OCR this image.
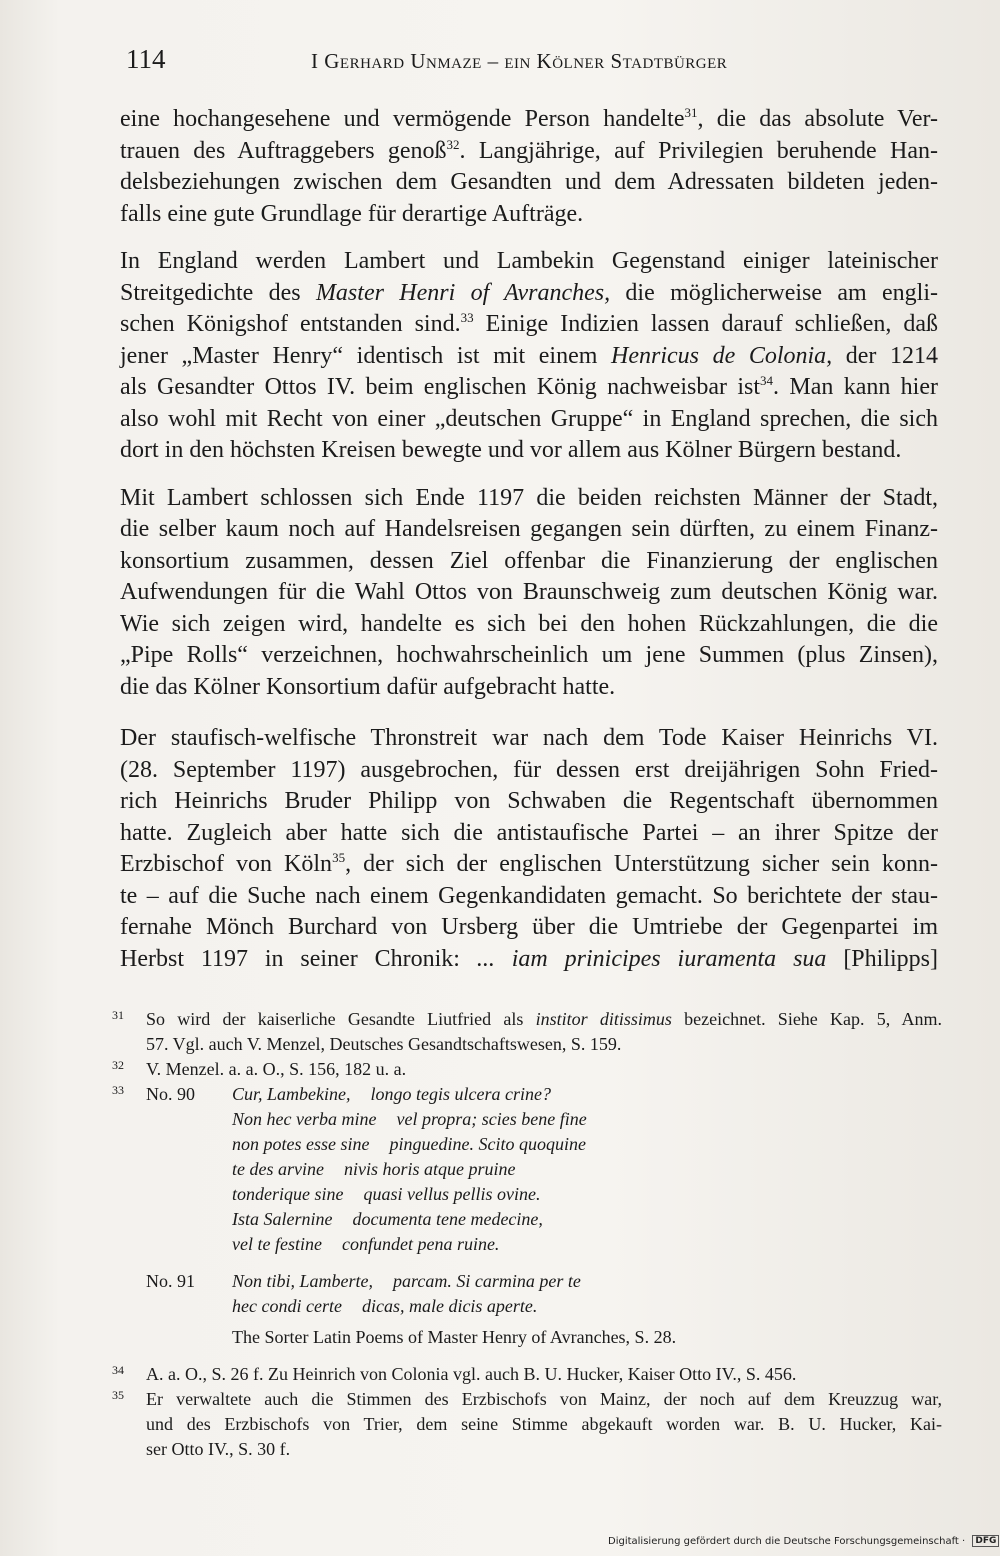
114	I Gerhard Unmaze – ein Kölner Stadtbürger

eine hochangesehene und vermögende Person handelte$^{31}$, die das absolute Ver-
trauen des Auftraggebers genoß$^{32}$. Langjährige, auf Privilegien beruhende Han-
delsbeziehungen zwischen dem Gesandten und dem Adressaten bildeten jeden-
falls eine gute Grundlage für derartige Aufträge.

In England werden Lambert und Lambekin Gegenstand einiger lateinischer
Streitgedichte des Master Henri of Avranches, die möglicherweise am engli-
schen Königshof entstanden sind.$^{33}$ Einige Indizien lassen darauf schließen, daß
jener „Master Henry“ identisch ist mit einem Henricus de Colonia, der 1214
als Gesandter Ottos IV. beim englischen König nachweisbar ist$^{34}$. Man kann hier
also wohl mit Recht von einer „deutschen Gruppe“ in England sprechen, die sich
dort in den höchsten Kreisen bewegte und vor allem aus Kölner Bürgern bestand.

Mit Lambert schlossen sich Ende 1197 die beiden reichsten Männer der Stadt,
die selber kaum noch auf Handelsreisen gegangen sein dürften, zu einem Finanz-
konsortium zusammen, dessen Ziel offenbar die Finanzierung der englischen
Aufwendungen für die Wahl Ottos von Braunschweig zum deutschen König war.
Wie sich zeigen wird, handelte es sich bei den hohen Rückzahlungen, die die
„Pipe Rolls“ verzeichnen, hochwahrscheinlich um jene Summen (plus Zinsen),
die das Kölner Konsortium dafür aufgebracht hatte.

Der staufisch-welfische Thronstreit war nach dem Tode Kaiser Heinrichs VI.
(28. September 1197) ausgebrochen, für dessen erst dreijährigen Sohn Fried-
rich Heinrichs Bruder Philipp von Schwaben die Regentschaft übernommen
hatte. Zugleich aber hatte sich die antistaufische Partei – an ihrer Spitze der
Erzbischof von Köln$^{35}$, der sich der englischen Unterstützung sicher sein konn-
te – auf die Suche nach einem Gegenkandidaten gemacht. So berichtete der stau-
fernahe Mönch Burchard von Ursberg über die Umtriebe der Gegenpartei im
Herbst 1197 in seiner Chronik: ... iam prinicipes iuramenta sua [Philipps]

31 So wird der kaiserliche Gesandte Liutfried als institor ditissimus bezeichnet. Siehe Kap. 5, Anm.
57. Vgl. auch V. Menzel, Deutsches Gesandtschaftswesen, S. 159.
32 V. Menzel. a. a. O., S. 156, 182 u. a.
33 No. 90 Cur, Lambekine, longo tegis ulcera crine?
Non hec verba mine vel propra; scies bene fine
non potes esse sine pinguedine. Scito quoquine
te des arvine nivis horis atque pruine
tonderique sine quasi vellus pellis ovine.
Ista Salernine documenta tene medecine,
vel te festine confundet pena ruine.
No. 91 Non tibi, Lamberte, parcam. Si carmina per te
hec condi certe dicas, male dicis aperte.
The Sorter Latin Poems of Master Henry of Avranches, S. 28.
34 A. a. O., S. 26 f. Zu Heinrich von Colonia vgl. auch B. U. Hucker, Kaiser Otto IV., S. 456.
35 Er verwaltete auch die Stimmen des Erzbischofs von Mainz, der noch auf dem Kreuzzug war,
und des Erzbischofs von Trier, dem seine Stimme abgekauft worden war. B. U. Hucker, Kai-
ser Otto IV., S. 30 f.
Digitalisierung gefördert durch die Deutsche Forschungsgemeinschaft · DFG
